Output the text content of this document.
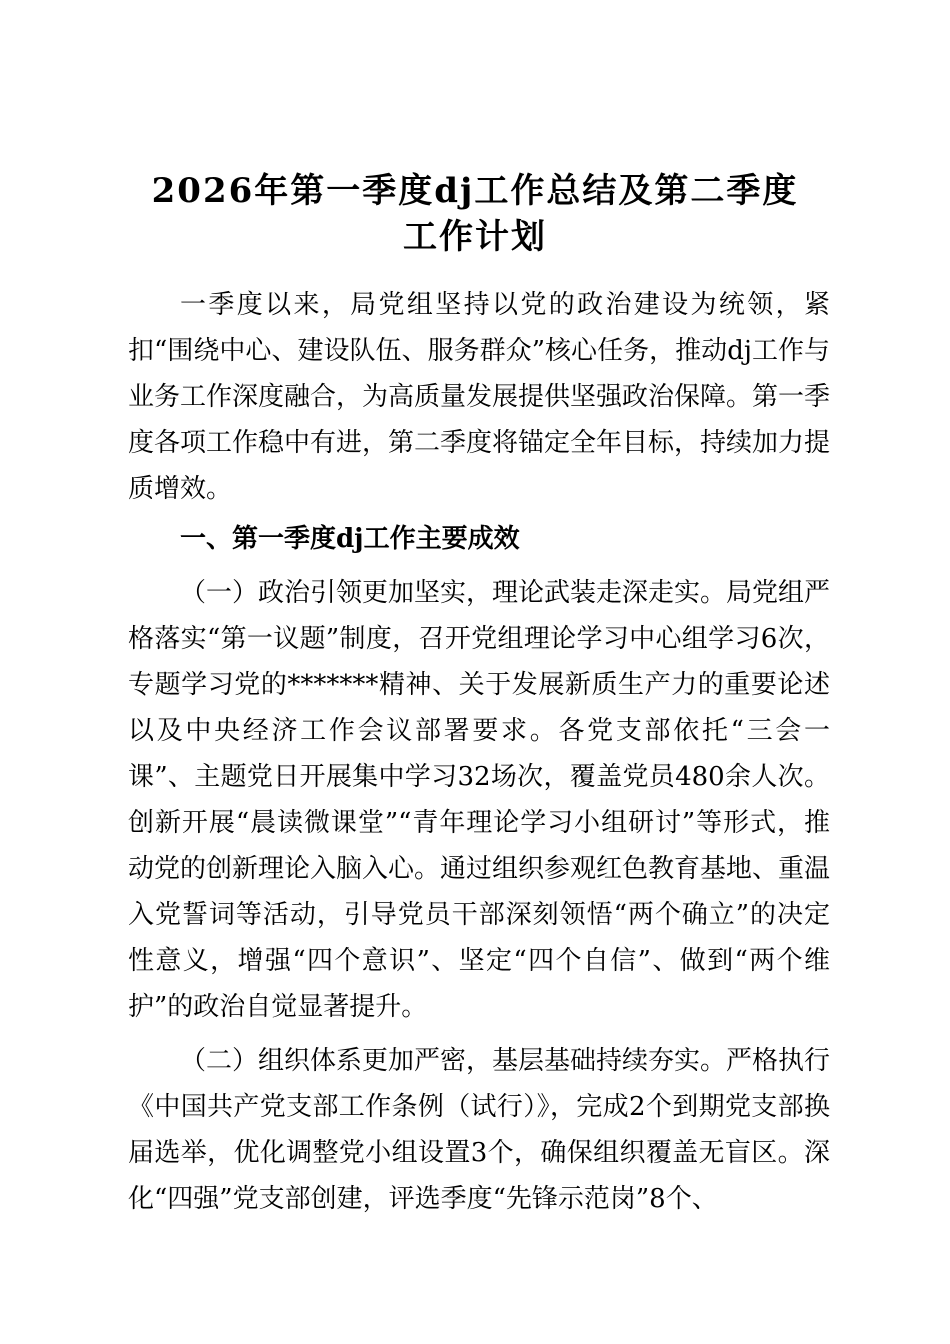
2026年第一季度dj工作总结及第二季度
工作计划

一季度以来，局党组坚持以党的政治建设为统领，紧扣“围绕中心、建设队伍、服务群众”核心任务，推动dj工作与业务工作深度融合，为高质量发展提供坚强政治保障。第一季度各项工作稳中有进，第二季度将锚定全年目标，持续加力提质增效。

一、第一季度dj工作主要成效

（一）政治引领更加坚实，理论武装走深走实。局党组严格落实“第一议题”制度，召开党组理论学习中心组学习6次，专题学习党的*******精神、关于发展新质生产力的重要论述以及中央经济工作会议部署要求。各党支部依托“三会一课”、主题党日开展集中学习32场次，覆盖党员480余人次。创新开展“晨读微课堂”“青年理论学习小组研讨”等形式，推动党的创新理论入脑入心。通过组织参观红色教育基地、重温入党誓词等活动，引导党员干部深刻领悟“两个确立”的决定性意义，增强“四个意识”、坚定“四个自信”、做到“两个维护”的政治自觉显著提升。

（二）组织体系更加严密，基层基础持续夯实。严格执行《中国共产党支部工作条例（试行）》，完成2个到期党支部换届选举，优化调整党小组设置3个，确保组织覆盖无盲区。深化“四强”党支部创建，评选季度“先锋示范岗”8个、
